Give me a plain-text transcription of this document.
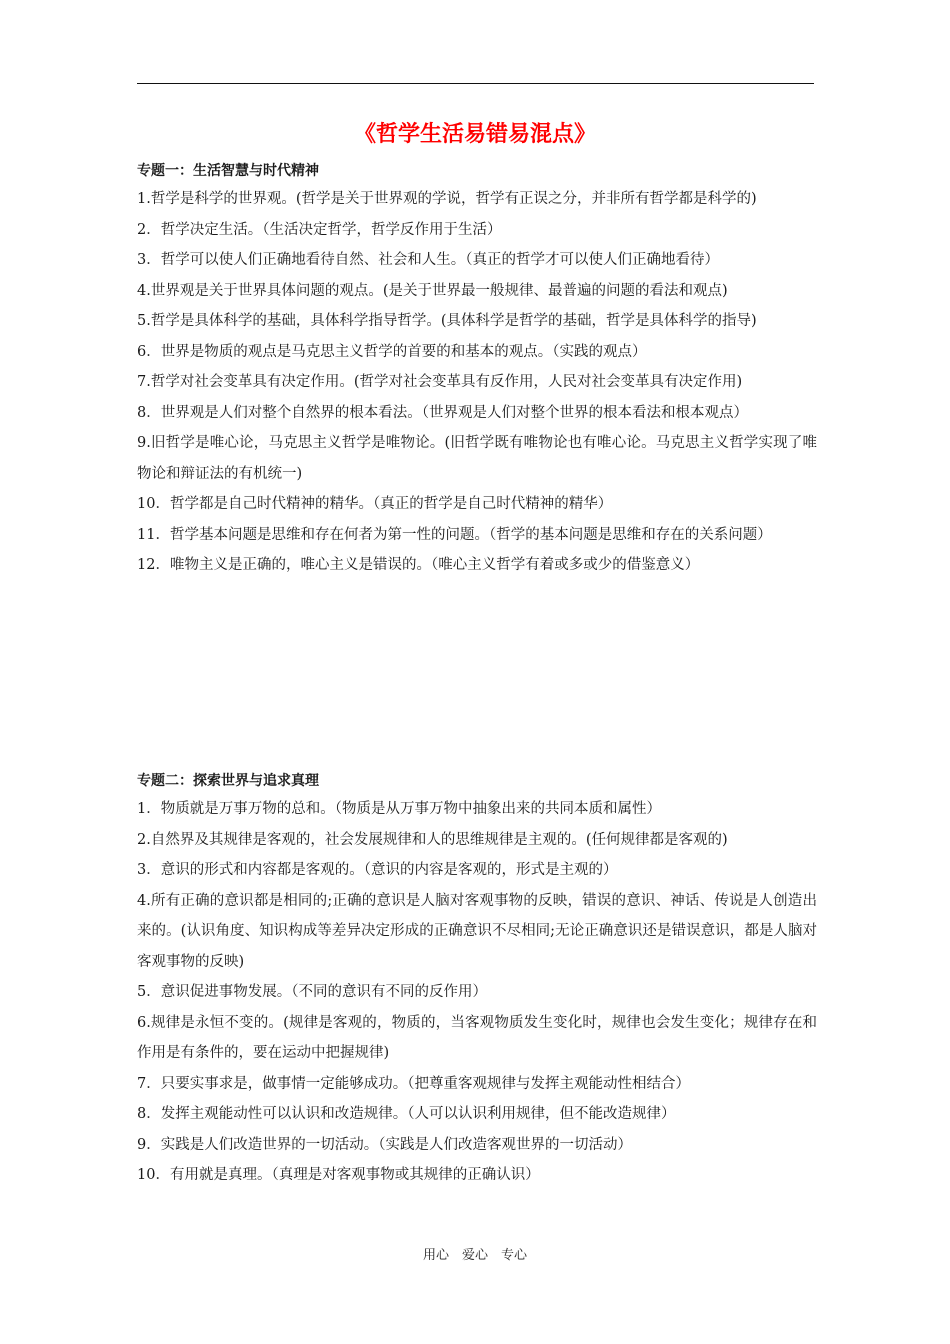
《哲学生活易错易混点》
专题一：生活智慧与时代精神
1.哲学是科学的世界观。(哲学是关于世界观的学说，哲学有正误之分，并非所有哲学都是科学的)
2．哲学决定生活。（生活决定哲学，哲学反作用于生活）
3．哲学可以使人们正确地看待自然、社会和人生。（真正的哲学才可以使人们正确地看待）
4.世界观是关于世界具体问题的观点。(是关于世界最一般规律、最普遍的问题的看法和观点)
5.哲学是具体科学的基础，具体科学指导哲学。(具体科学是哲学的基础，哲学是具体科学的指导)
6．世界是物质的观点是马克思主义哲学的首要的和基本的观点。（实践的观点）
7.哲学对社会变革具有决定作用。(哲学对社会变革具有反作用，人民对社会变革具有决定作用)
8．世界观是人们对整个自然界的根本看法。（世界观是人们对整个世界的根本看法和根本观点）
9.旧哲学是唯心论，马克思主义哲学是唯物论。(旧哲学既有唯物论也有唯心论。马克思主义哲学实现了唯物论和辩证法的有机统一)
10．哲学都是自己时代精神的精华。（真正的哲学是自己时代精神的精华）
11．哲学基本问题是思维和存在何者为第一性的问题。（哲学的基本问题是思维和存在的关系问题）
12．唯物主义是正确的，唯心主义是错误的。（唯心主义哲学有着或多或少的借鉴意义）
专题二：探索世界与追求真理
1．物质就是万事万物的总和。（物质是从万事万物中抽象出来的共同本质和属性）
2.自然界及其规律是客观的，社会发展规律和人的思维规律是主观的。(任何规律都是客观的)
3．意识的形式和内容都是客观的。（意识的内容是客观的，形式是主观的）
4.所有正确的意识都是相同的;正确的意识是人脑对客观事物的反映，错误的意识、神话、传说是人创造出来的。(认识角度、知识构成等差异决定形成的正确意识不尽相同;无论正确意识还是错误意识，都是人脑对客观事物的反映)
5．意识促进事物发展。（不同的意识有不同的反作用）
6.规律是永恒不变的。(规律是客观的，物质的，当客观物质发生变化时，规律也会发生变化；规律存在和作用是有条件的，要在运动中把握规律)
7．只要实事求是，做事情一定能够成功。（把尊重客观规律与发挥主观能动性相结合）
8．发挥主观能动性可以认识和改造规律。（人可以认识利用规律，但不能改造规律）
9．实践是人们改造世界的一切活动。（实践是人们改造客观世界的一切活动）
10．有用就是真理。（真理是对客观事物或其规律的正确认识）
用心　爱心　专心
